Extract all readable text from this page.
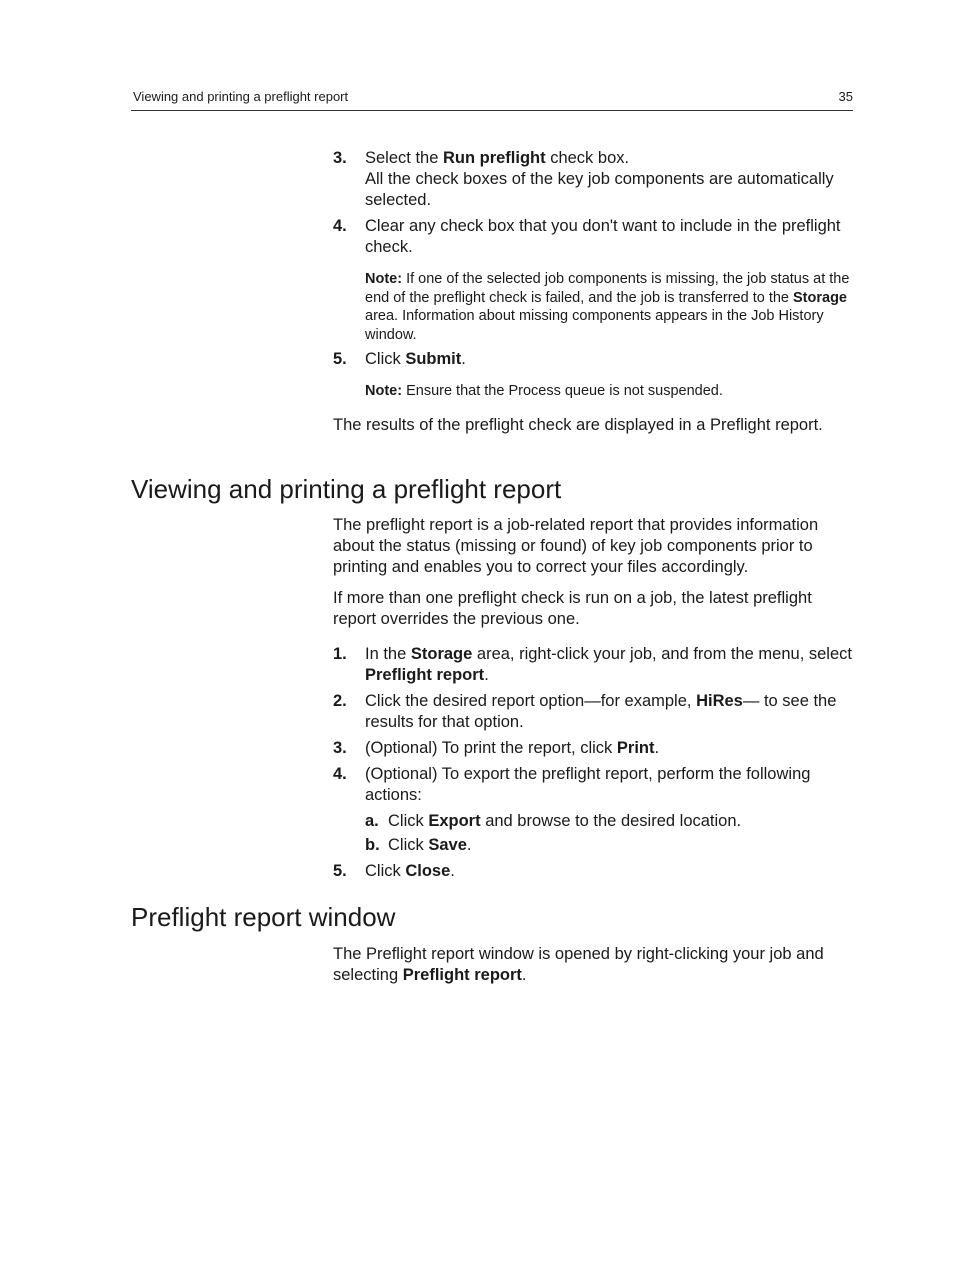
Viewing and printing a preflight report	35
3. Select the Run preflight check box.

All the check boxes of the key job components are automatically selected.

4. Clear any check box that you don't want to include in the preflight check.

Note: If one of the selected job components is missing, the job status at the end of the preflight check is failed, and the job is transferred to the Storage area. Information about missing components appears in the Job History window.

5. Click Submit.

Note: Ensure that the Process queue is not suspended.

The results of the preflight check are displayed in a Preflight report.

Viewing and printing a preflight report

The preflight report is a job-related report that provides information about the status (missing or found) of key job components prior to printing and enables you to correct your files accordingly.

If more than one preflight check is run on a job, the latest preflight report overrides the previous one.

1. In the Storage area, right-click your job, and from the menu, select Preflight report.

2. Click the desired report option—for example, HiRes— to see the results for that option.

3. (Optional) To print the report, click Print.

4. (Optional) To export the preflight report, perform the following actions:

a. Click Export and browse to the desired location.

b. Click Save.

5. Click Close.

Preflight report window

The Preflight report window is opened by right-clicking your job and selecting Preflight report.
